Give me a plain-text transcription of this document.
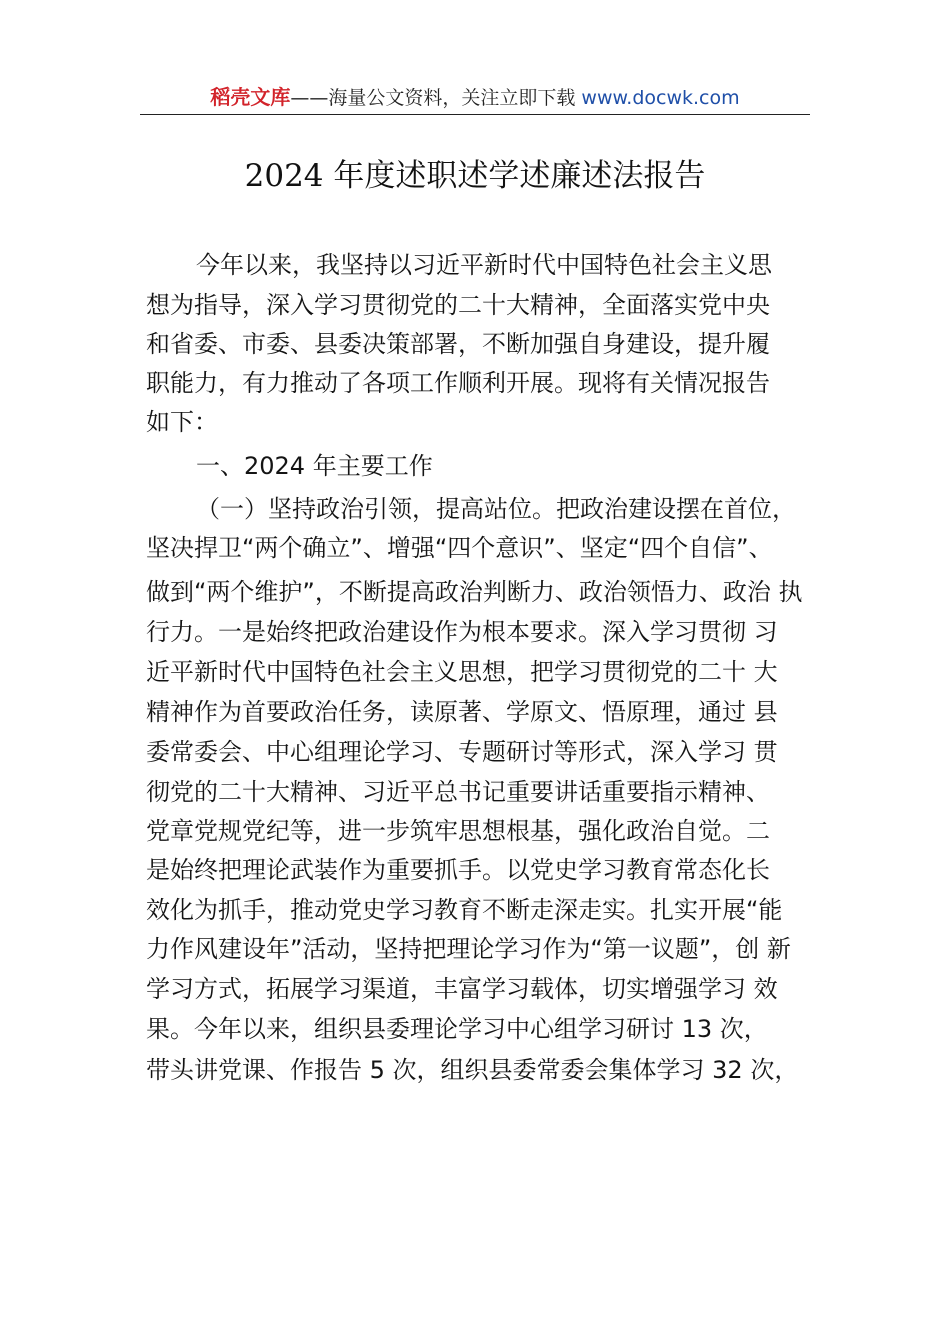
稻壳文库——海量公文资料，关注立即下载 www.docwk.com
2024 年度述职述学述廉述法报告
今年以来，我坚持以习近平新时代中国特色社会主义思
想为指导，深入学习贯彻党的二十大精神，全面落实党中央
和省委、市委、县委决策部署，不断加强自身建设，提升履
职能力，有力推动了各项工作顺利开展。现将有关情况报告
如下：
一、2024 年主要工作
（一）坚持政治引领，提高站位。把政治建设摆在首位，
坚决捍卫“两个确立”、增强“四个意识”、坚定“四个自信”、
做到“两个维护”，不断提高政治判断力、政治领悟力、政治 执
行力。一是始终把政治建设作为根本要求。深入学习贯彻 习
近平新时代中国特色社会主义思想，把学习贯彻党的二十 大
精神作为首要政治任务，读原著、学原文、悟原理，通过 县
委常委会、中心组理论学习、专题研讨等形式，深入学习 贯
彻党的二十大精神、习近平总书记重要讲话重要指示精神、
党章党规党纪等，进一步筑牢思想根基，强化政治自觉。二
是始终把理论武装作为重要抓手。以党史学习教育常态化长
效化为抓手，推动党史学习教育不断走深走实。扎实开展“能
力作风建设年”活动，坚持把理论学习作为“第一议题”，创 新
学习方式，拓展学习渠道，丰富学习载体，切实增强学习 效
果。今年以来，组织县委理论学习中心组学习研讨 13 次，
带头讲党课、作报告 5 次，组织县委常委会集体学习 32 次，
